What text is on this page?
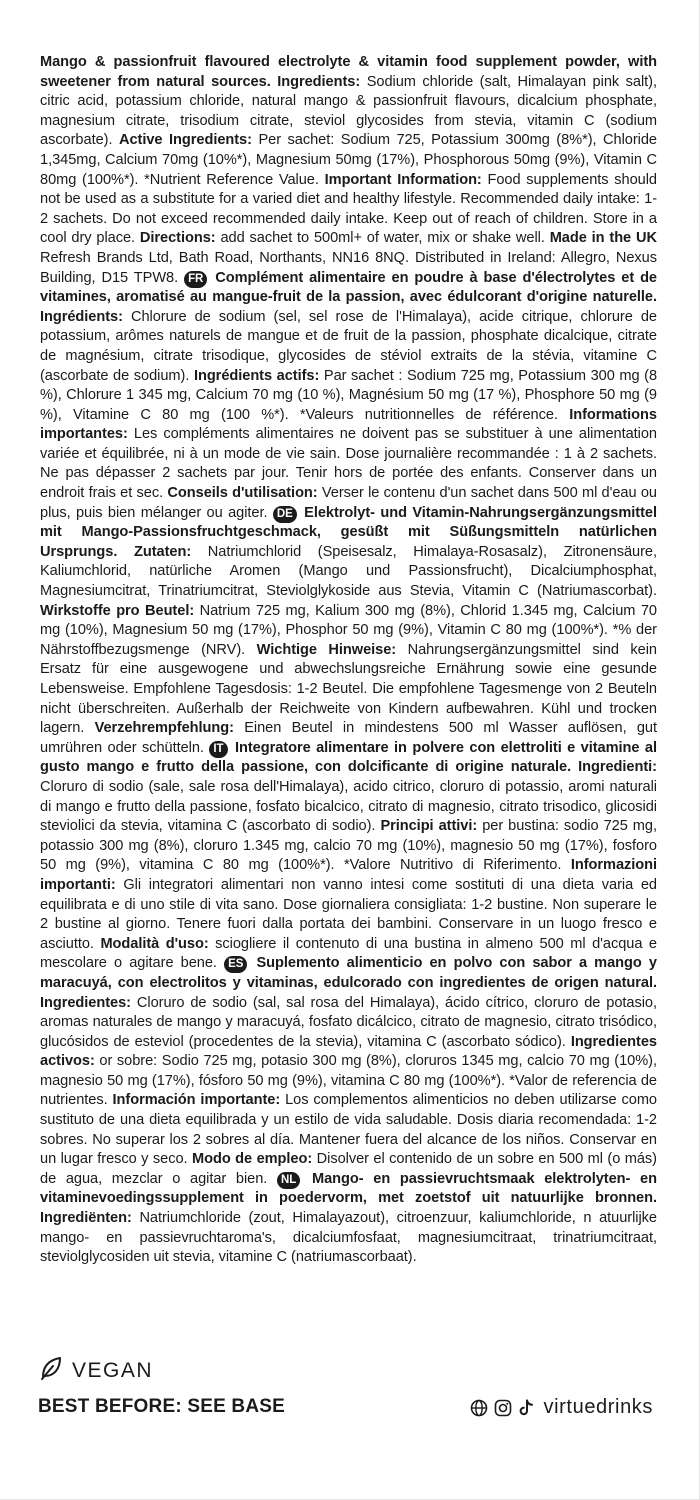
Mango & passionfruit flavoured electrolyte & vitamin food supplement powder, with sweetener from natural sources. Ingredients: Sodium chloride (salt, Himalayan pink salt), citric acid, potassium chloride, natural mango & passionfruit flavours, dicalcium phosphate, magnesium citrate, trisodium citrate, steviol glycosides from stevia, vitamin C (sodium ascorbate). Active Ingredients: Per sachet: Sodium 725, Potassium 300mg (8%*), Chloride 1,345mg, Calcium 70mg (10%*), Magnesium 50mg (17%), Phosphorous 50mg (9%), Vitamin C 80mg (100%*). *Nutrient Reference Value. Important Information: Food supplements should not be used as a substitute for a varied diet and healthy lifestyle. Recommended daily intake: 1-2 sachets. Do not exceed recommended daily intake. Keep out of reach of children. Store in a cool dry place. Directions: add sachet to 500ml+ of water, mix or shake well. Made in the UK Refresh Brands Ltd, Bath Road, Northants, NN16 8NQ. Distributed in Ireland: Allegro, Nexus Building, D15 TPW8. FR Complément alimentaire en poudre à base d'électrolytes et de vitamines, aromatisé au mangue-fruit de la passion, avec édulcorant d'origine naturelle. Ingrédients: Chlorure de sodium (sel, sel rose de l'Himalaya), acide citrique, chlorure de potassium, arômes naturels de mangue et de fruit de la passion, phosphate dicalcique, citrate de magnésium, citrate trisodique, glycosides de stéviol extraits de la stévia, vitamine C (ascorbate de sodium). Ingrédients actifs: Par sachet : Sodium 725 mg, Potassium 300 mg (8 %), Chlorure 1 345 mg, Calcium 70 mg (10 %), Magnésium 50 mg (17 %), Phosphore 50 mg (9 %), Vitamine C 80 mg (100 %*). *Valeurs nutritionnelles de référence. Informations importantes: Les compléments alimentaires ne doivent pas se substituer à une alimentation variée et équilibrée, ni à un mode de vie sain. Dose journalière recommandée : 1 à 2 sachets. Ne pas dépasser 2 sachets par jour. Tenir hors de portée des enfants. Conserver dans un endroit frais et sec. Conseils d'utilisation: Verser le contenu d'un sachet dans 500 ml d'eau ou plus, puis bien mélanger ou agiter. DE Elektrolyt- und Vitamin-Nahrungsergänzungsmittel mit Mango-Passionsfruchtgeschmack, gesüßt mit Süßungsmitteln natürlichen Ursprungs. Zutaten: Natriumchlorid (Speisesalz, Himalaya-Rosasalz), Zitronensäure, Kaliumchlorid, natürliche Aromen (Mango und Passionsfrucht), Dicalciumphosphat, Magnesiumcitrat, Trinatriumcitrat, Steviolglykoside aus Stevia, Vitamin C (Natriumascorbat). Wirkstoffe pro Beutel: Natrium 725 mg, Kalium 300 mg (8%), Chlorid 1.345 mg, Calcium 70 mg (10%), Magnesium 50 mg (17%), Phosphor 50 mg (9%), Vitamin C 80 mg (100%*). *% der Nährstoffbezugsmenge (NRV). Wichtige Hinweise: Nahrungsergänzungsmittel sind kein Ersatz für eine ausgewogene und abwechslungsreiche Ernährung sowie eine gesunde Lebensweise. Empfohlene Tagesdosis: 1-2 Beutel. Die empfohlene Tagesmenge von 2 Beuteln nicht überschreiten. Außerhalb der Reichweite von Kindern aufbewahren. Kühl und trocken lagern. Verzehrempfehlung: Einen Beutel in mindestens 500 ml Wasser auflösen, gut umrühren oder schütteln. IT Integratore alimentare in polvere con elettroliti e vitamine al gusto mango e frutto della passione, con dolcificante di origine naturale. Ingredienti: Cloruro di sodio (sale, sale rosa dell'Himalaya), acido citrico, cloruro di potassio, aromi naturali di mango e frutto della passione, fosfato bicalcico, citrato di magnesio, citrato trisodico, glicosidi steviolici da stevia, vitamina C (ascorbato di sodio). Principi attivi: per bustina: sodio 725 mg, potassio 300 mg (8%), cloruro 1.345 mg, calcio 70 mg (10%), magnesio 50 mg (17%), fosforo 50 mg (9%), vitamina C 80 mg (100%*). *Valore Nutritivo di Riferimento. Informazioni importanti: Gli integratori alimentari non vanno intesi come sostituti di una dieta varia ed equilibrata e di uno stile di vita sano. Dose giornaliera consigliata: 1-2 bustine. Non superare le 2 bustine al giorno. Tenere fuori dalla portata dei bambini. Conservare in un luogo fresco e asciutto. Modalità d'uso: sciogliere il contenuto di una bustina in almeno 500 ml d'acqua e mescolare o agitare bene. ES Suplemento alimenticio en polvo con sabor a mango y maracuyá, con electrolitos y vitaminas, edulcorado con ingredientes de origen natural. Ingredientes: Cloruro de sodio (sal, sal rosa del Himalaya), ácido cítrico, cloruro de potasio, aromas naturales de mango y maracuyá, fosfato dicálcico, citrato de magnesio, citrato trisódico, glucósidos de esteviol (procedentes de la stevia), vitamina C (ascorbato sódico). Ingredientes activos: or sobre: Sodio 725 mg, potasio 300 mg (8%), cloruros 1345 mg, calcio 70 mg (10%), magnesio 50 mg (17%), fósforo 50 mg (9%), vitamina C 80 mg (100%*). *Valor de referencia de nutrientes. Información importante: Los complementos alimenticios no deben utilizarse como sustituto de una dieta equilibrada y un estilo de vida saludable. Dosis diaria recomendada: 1-2 sobres. No superar los 2 sobres al día. Mantener fuera del alcance de los niños. Conservar en un lugar fresco y seco. Modo de empleo: Disolver el contenido de un sobre en 500 ml (o más) de agua, mezclar o agitar bien. NL Mango- en passievruchtsmaak elektrolyten- en vitaminevoedingssupplement in poedervorm, met zoetstof uit natuurlijke bronnen. Ingrediënten: Natriumchloride (zout, Himalayazout), citroenzuur, kaliumchloride, n atuurlijke mango- en passievruchtaroma's, dicalciumfosfaat, magnesiumcitraat, trinatriumcitraat, steviolglycosiden uit stevia, vitamine C (natriumascorbaat).
VEGAN
BEST BEFORE: SEE BASE	virtuedrinks
